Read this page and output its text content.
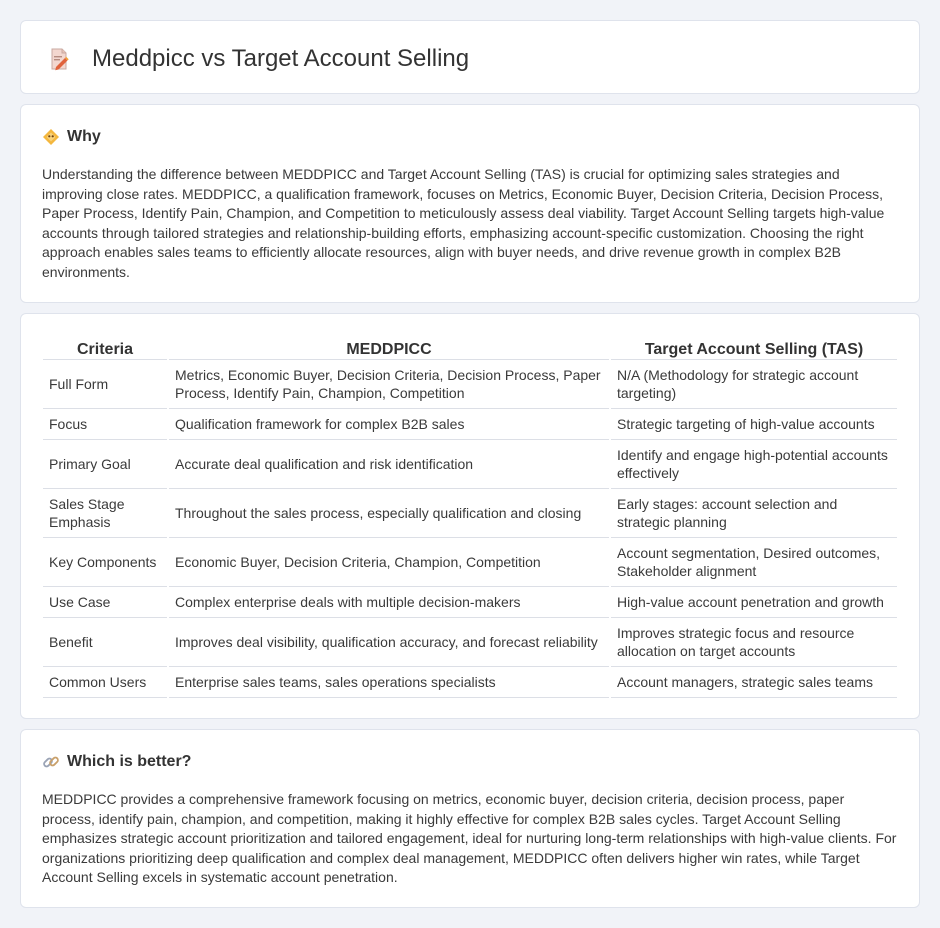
Meddpicc vs Target Account Selling
Why

Understanding the difference between MEDDPICC and Target Account Selling (TAS) is crucial for optimizing sales strategies and improving close rates. MEDDPICC, a qualification framework, focuses on Metrics, Economic Buyer, Decision Criteria, Decision Process, Paper Process, Identify Pain, Champion, and Competition to meticulously assess deal viability. Target Account Selling targets high-value accounts through tailored strategies and relationship-building efforts, emphasizing account-specific customization. Choosing the right approach enables sales teams to efficiently allocate resources, align with buyer needs, and drive revenue growth in complex B2B environments.

Criteria	MEDDPICC	Target Account Selling (TAS)
Full Form	Metrics, Economic Buyer, Decision Criteria, Decision Process, Paper Process, Identify Pain, Champion, Competition	N/A (Methodology for strategic account targeting)
Focus	Qualification framework for complex B2B sales	Strategic targeting of high-value accounts
Primary Goal	Accurate deal qualification and risk identification	Identify and engage high-potential accounts effectively
Sales Stage Emphasis	Throughout the sales process, especially qualification and closing	Early stages: account selection and strategic planning
Key Components	Economic Buyer, Decision Criteria, Champion, Competition	Account segmentation, Desired outcomes, Stakeholder alignment
Use Case	Complex enterprise deals with multiple decision-makers	High-value account penetration and growth
Benefit	Improves deal visibility, qualification accuracy, and forecast reliability	Improves strategic focus and resource allocation on target accounts
Common Users	Enterprise sales teams, sales operations specialists	Account managers, strategic sales teams
Which is better?

MEDDPICC provides a comprehensive framework focusing on metrics, economic buyer, decision criteria, decision process, paper process, identify pain, champion, and competition, making it highly effective for complex B2B sales cycles. Target Account Selling emphasizes strategic account prioritization and tailored engagement, ideal for nurturing long-term relationships with high-value clients. For organizations prioritizing deep qualification and complex deal management, MEDDPICC often delivers higher win rates, while Target Account Selling excels in systematic account penetration.
